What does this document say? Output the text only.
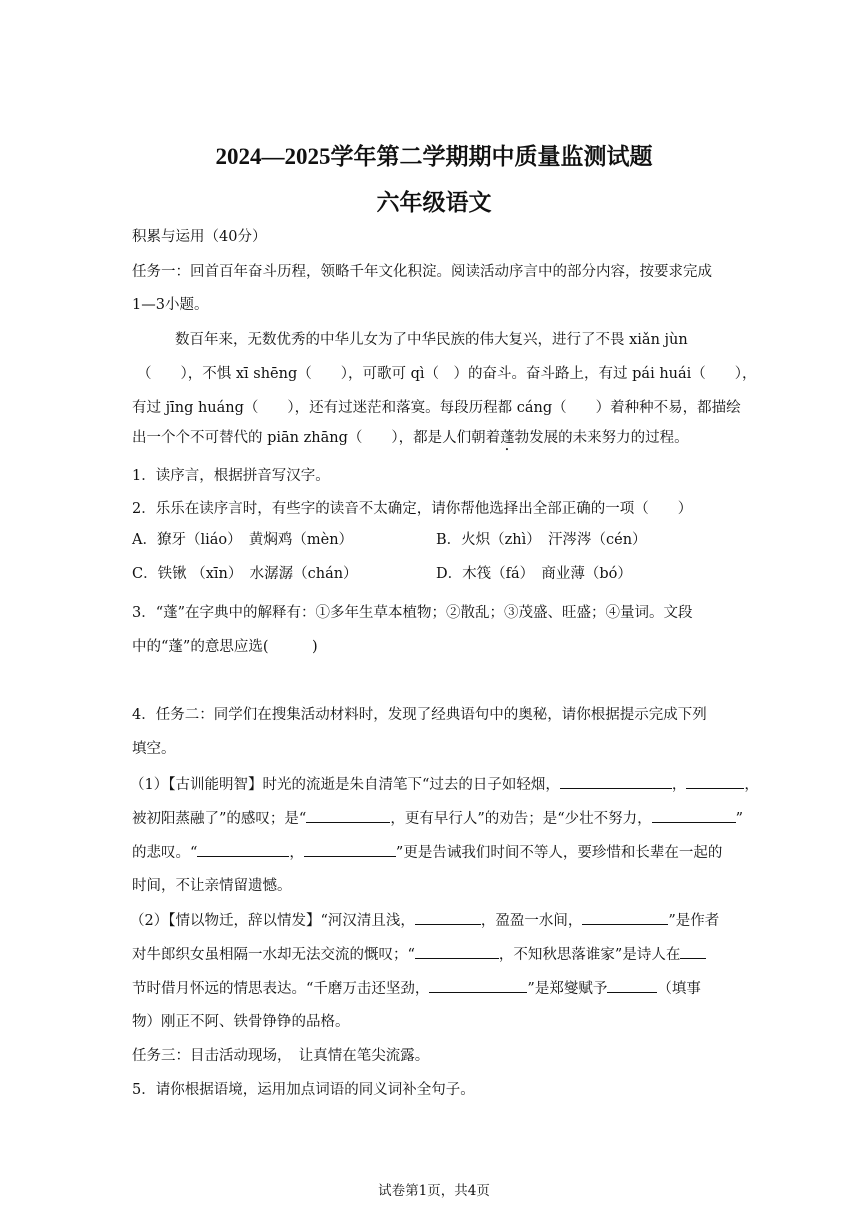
2024—2025学年第二学期期中质量监测试题
六年级语文
积累与运用（40分）
任务一：回首百年奋斗历程，领略千年文化积淀。阅读活动序言中的部分内容，按要求完成
1—3小题。
数百年来，无数优秀的中华儿女为了中华民族的伟大复兴，进行了不畏 xiǎn jùn
（　　），不惧 xī shēng（　　），可歌可 qì（　）的奋斗。奋斗路上，有过 pái huái（　　），
有过 jīng huáng（　　），还有过迷茫和落寞。每段历程都 cáng（　　）着种种不易，都描绘
出一个个不可替代的 piān zhāng（　　），都是人们朝着蓬勃发展的未来努力的过程。
1．读序言，根据拼音写汉字。
2．乐乐在读序言时，有些字的读音不太确定，请你帮他选择出全部正确的一项（　　）
A．獠牙（liáo）　黄焖鸡（mèn）	B．火炽（zhì）　汗涔涔（cén）
C．铁锹 （xīn）　水潺潺（chán）	D．木筏（fá）　商业薄（bó）
3．“蓬”在字典中的解释有：①多年生草本植物；②散乱；③茂盛、旺盛；④量词。文段
中的“蓬”的意思应选(　　　)
4．任务二：同学们在搜集活动材料时，发现了经典语句中的奥秘，请你根据提示完成下列
填空。
（1）【古训能明智】时光的流逝是朱自清笔下“过去的日子如轻烟，	，	，
被初阳蒸融了”的感叹；是“	，更有早行人”的劝告；是“少壮不努力，	”
的悲叹。“	，	”更是告诫我们时间不等人，要珍惜和长辈在一起的
时间，不让亲情留遗憾。
（2）【情以物迁，辞以情发】“河汉清且浅，	，盈盈一水间，	”是作者
对牛郎织女虽相隔一水却无法交流的慨叹；“	，不知秋思落谁家”是诗人在
节时借月怀远的情思表达。“千磨万击还坚劲，	”是郑燮赋予	（填事
物）刚正不阿、铁骨铮铮的品格。
任务三：目击活动现场，　让真情在笔尖流露。
5．请你根据语境，运用加点词语的同义词补全句子。
试卷第1页，共4页
